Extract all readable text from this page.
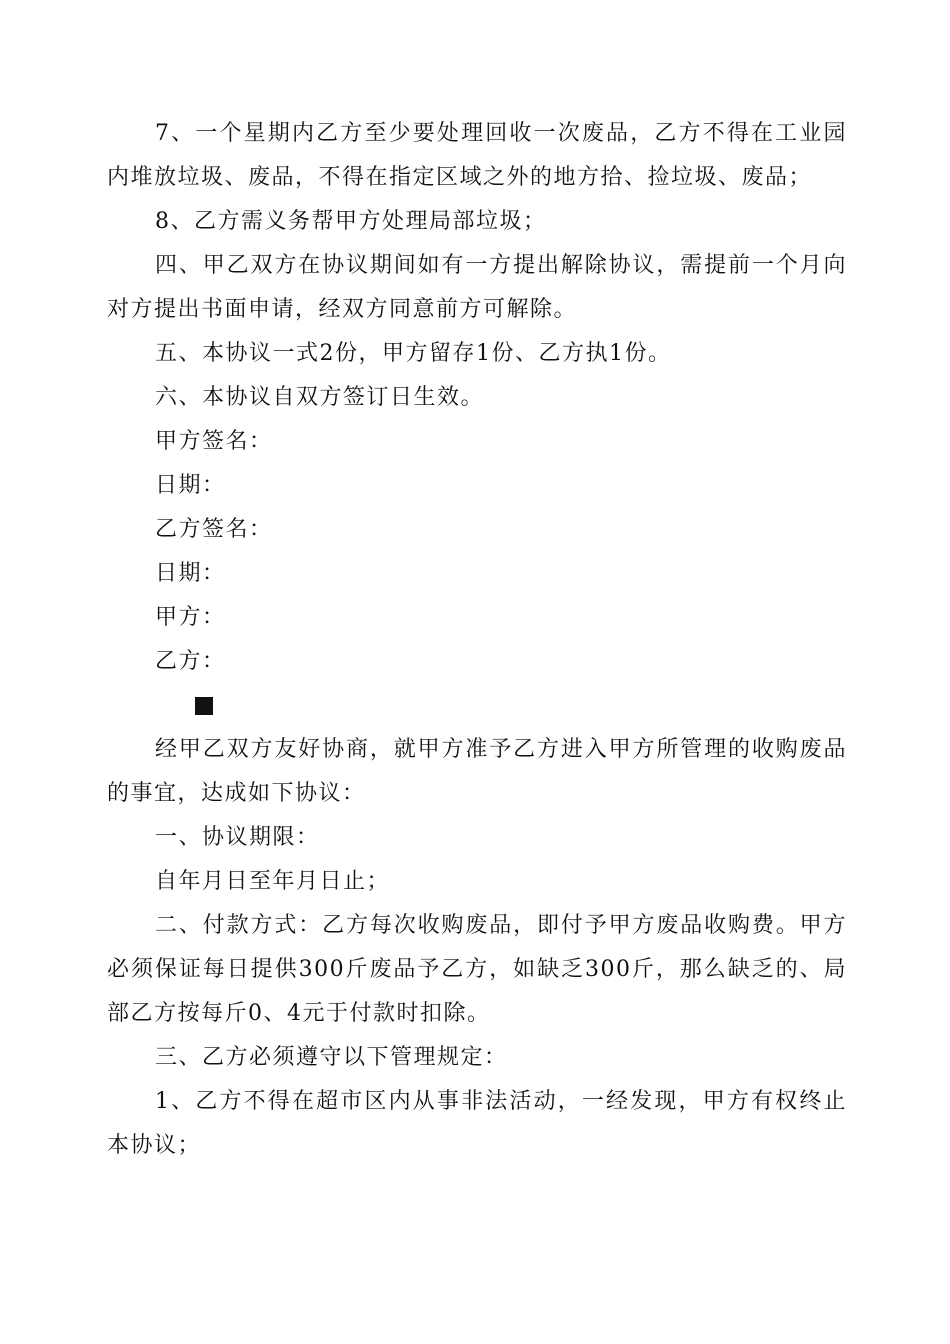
7、一个星期内乙方至少要处理回收一次废品，乙方不得在工业园内堆放垃圾、废品，不得在指定区域之外的地方拾、捡垃圾、废品；

8、乙方需义务帮甲方处理局部垃圾；

四、甲乙双方在协议期间如有一方提出解除协议，需提前一个月向对方提出书面申请，经双方同意前方可解除。

五、本协议一式2份，甲方留存1份、乙方执1份。

六、本协议自双方签订日生效。

甲方签名：

日期：

乙方签名：

日期：

甲方：

乙方：

经甲乙双方友好协商，就甲方准予乙方进入甲方所管理的收购废品的事宜，达成如下协议：

一、协议期限：

自年月日至年月日止；

二、付款方式：乙方每次收购废品，即付予甲方废品收购费。甲方必须保证每日提供300斤废品予乙方，如缺乏300斤，那么缺乏的、局部乙方按每斤0、4元于付款时扣除。

三、乙方必须遵守以下管理规定：

1、乙方不得在超市区内从事非法活动，一经发现，甲方有权终止本协议；
